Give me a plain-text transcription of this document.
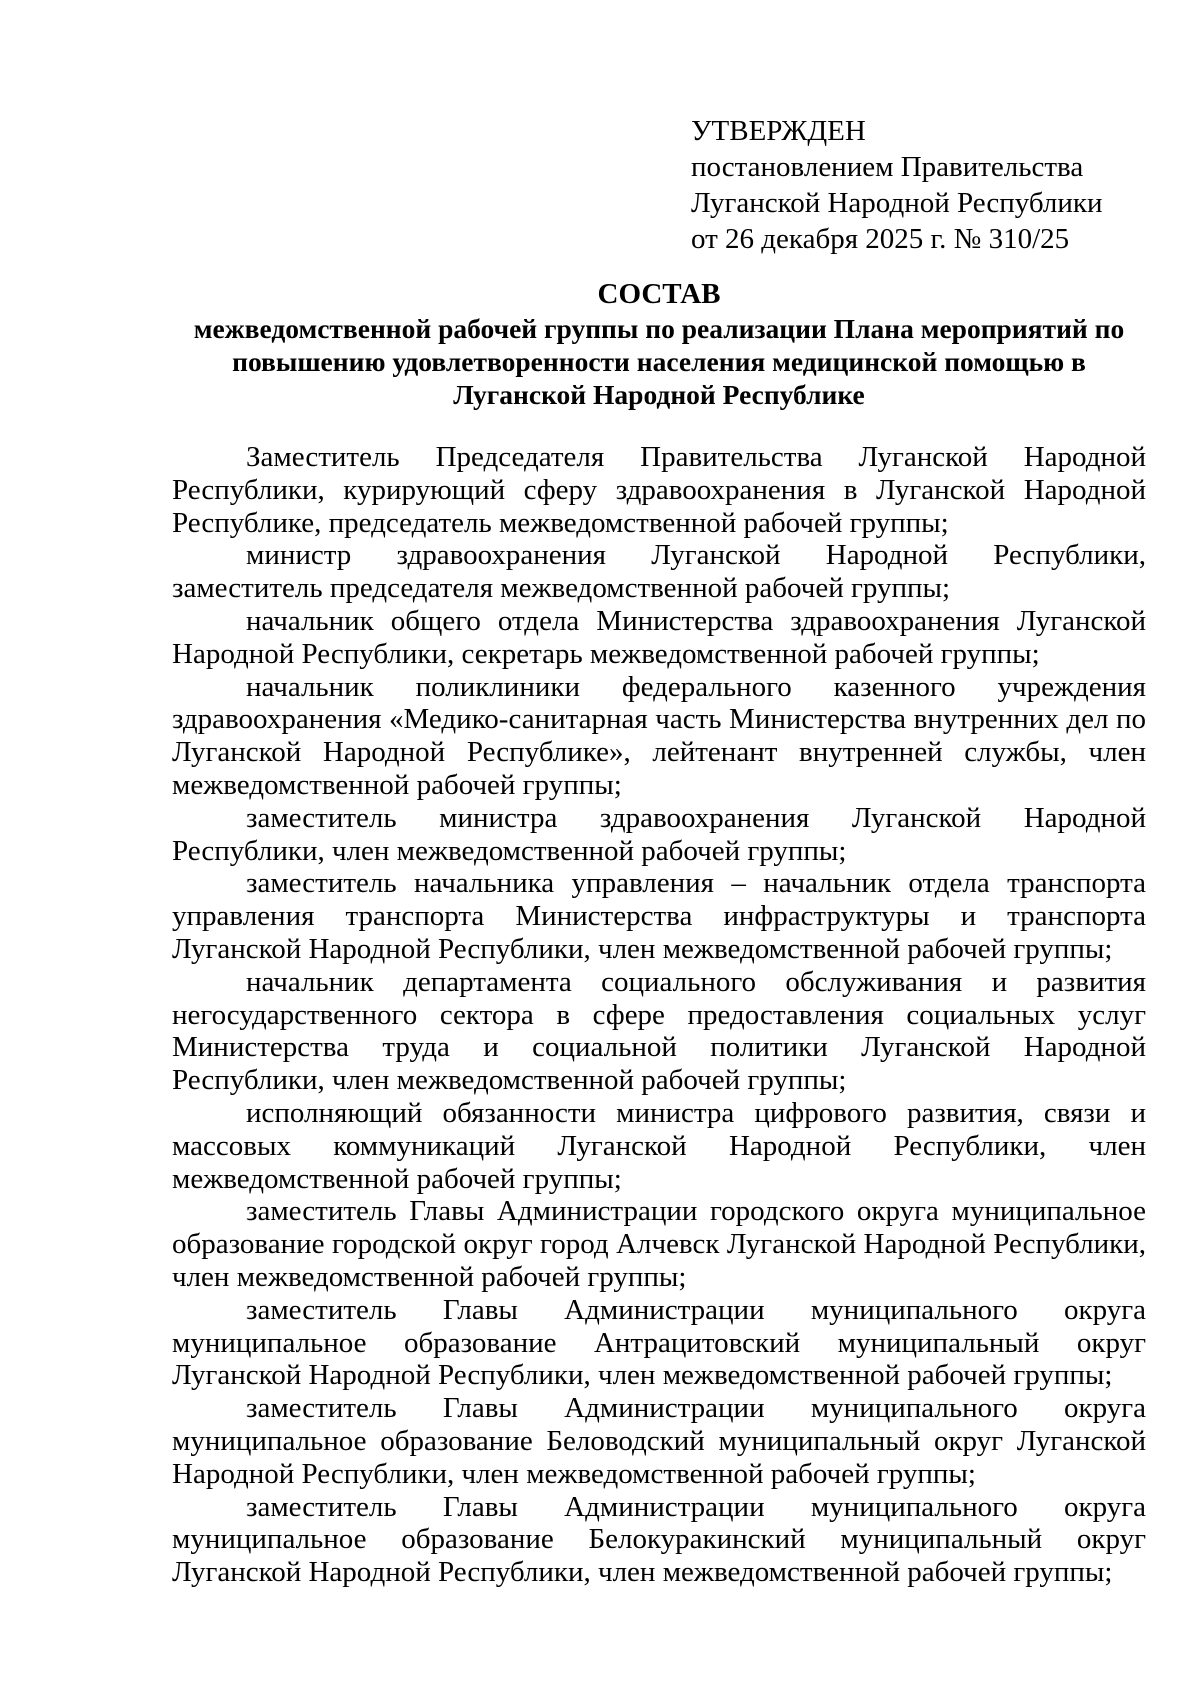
УТВЕРЖДЕН
постановлением Правительства
Луганской Народной Республики
от 26 декабря 2025 г. № 310/25
СОСТАВ
межведомственной рабочей группы по реализации Плана мероприятий по повышению удовлетворенности населения медицинской помощью в Луганской Народной Республике

Заместитель Председателя Правительства Луганской Народной Республики, курирующий сферу здравоохранения в Луганской Народной Республике, председатель межведомственной рабочей группы;

министр здравоохранения Луганской Народной Республики, заместитель председателя межведомственной рабочей группы;

начальник общего отдела Министерства здравоохранения Луганской Народной Республики, секретарь межведомственной рабочей группы;

начальник поликлиники федерального казенного учреждения здравоохранения «Медико-санитарная часть Министерства внутренних дел по Луганской Народной Республике», лейтенант внутренней службы, член межведомственной рабочей группы;

заместитель министра здравоохранения Луганской Народной Республики, член межведомственной рабочей группы;

заместитель начальника управления – начальник отдела транспорта управления транспорта Министерства инфраструктуры и транспорта Луганской Народной Республики, член межведомственной рабочей группы;

начальник департамента социального обслуживания и развития негосударственного сектора в сфере предоставления социальных услуг Министерства труда и социальной политики Луганской Народной Республики, член межведомственной рабочей группы;

исполняющий обязанности министра цифрового развития, связи и массовых коммуникаций Луганской Народной Республики, член межведомственной рабочей группы;

заместитель Главы Администрации городского округа муниципальное образование городской округ город Алчевск Луганской Народной Республики, член межведомственной рабочей группы;

заместитель Главы Администрации муниципального округа муниципальное образование Антрацитовский муниципальный округ Луганской Народной Республики, член межведомственной рабочей группы;

заместитель Главы Администрации муниципального округа муниципальное образование Беловодский муниципальный округ Луганской Народной Республики, член межведомственной рабочей группы;

заместитель Главы Администрации муниципального округа муниципальное образование Белокуракинский муниципальный округ Луганской Народной Республики, член межведомственной рабочей группы;
